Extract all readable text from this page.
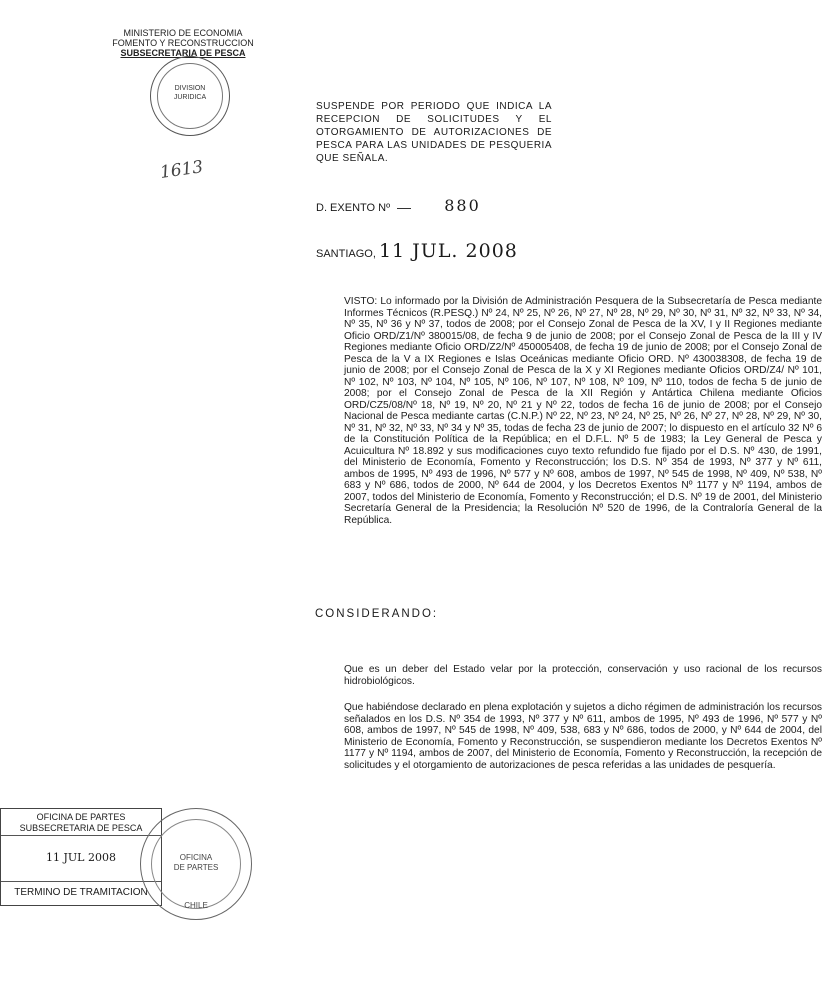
MINISTERIO DE ECONOMIA
FOMENTO Y RECONSTRUCCION
SUBSECRETARIA DE PESCA
DIVISION
JURIDICA
1613
SUSPENDE POR PERIODO QUE INDICA LA RECEPCION DE SOLICITUDES Y EL OTORGAMIENTO DE AUTORIZACIONES DE PESCA PARA LAS UNIDADES DE PESQUERIA QUE SEÑALA.
D. EXENTO Nº	880
SANTIAGO, 11 JUL. 2008
VISTO: Lo informado por la División de Administración Pesquera de la Subsecretaría de Pesca mediante Informes Técnicos (R.PESQ.) Nº 24, Nº 25, Nº 26, Nº 27, Nº 28, Nº 29, Nº 30, Nº 31, Nº 32, Nº 33, Nº 34, Nº 35, Nº 36 y Nº 37, todos de 2008; por el Consejo Zonal de Pesca de la XV, I y II Regiones mediante Oficio ORD/Z1/Nº 380015/08, de fecha 9 de junio de 2008; por el Consejo Zonal de Pesca de la III y IV Regiones mediante Oficio ORD/Z2/Nº 450005408, de fecha 19 de junio de 2008; por el Consejo Zonal de Pesca de la V a IX Regiones e Islas Oceánicas mediante Oficio ORD. Nº 430038308, de fecha 19 de junio de 2008; por el Consejo Zonal de Pesca de la X y XI Regiones mediante Oficios ORD/Z4/ Nº 101, Nº 102, Nº 103, Nº 104, Nº 105, Nº 106, Nº 107, Nº 108, Nº 109, Nº 110, todos de fecha 5 de junio de 2008; por el Consejo Zonal de Pesca de la XII Región y Antártica Chilena mediante Oficios ORD/CZ5/08/Nº 18, Nº 19, Nº 20, Nº 21 y Nº 22, todos de fecha 16 de junio de 2008; por el Consejo Nacional de Pesca mediante cartas (C.N.P.) Nº 22, Nº 23, Nº 24, Nº 25, Nº 26, Nº 27, Nº 28, Nº 29, Nº 30, Nº 31, Nº 32, Nº 33, Nº 34 y Nº 35, todas de fecha 23 de junio de 2007; lo dispuesto en el artículo 32 Nº 6 de la Constitución Política de la República; en el D.F.L. Nº 5 de 1983; la Ley General de Pesca y Acuicultura Nº 18.892 y sus modificaciones cuyo texto refundido fue fijado por el D.S. Nº 430, de 1991, del Ministerio de Economía, Fomento y Reconstrucción; los D.S. Nº 354 de 1993, Nº 377 y Nº 611, ambos de 1995, Nº 493 de 1996, Nº 577 y Nº 608, ambos de 1997, Nº 545 de 1998, Nº 409, Nº 538, Nº 683 y Nº 686, todos de 2000, Nº 644 de 2004, y los Decretos Exentos Nº 1177 y Nº 1194, ambos de 2007, todos del Ministerio de Economía, Fomento y Reconstrucción; el D.S. Nº 19 de 2001, del Ministerio Secretaría General de la Presidencia; la Resolución Nº 520 de 1996, de la Contraloría General de la República.
CONSIDERANDO:
Que es un deber del Estado velar por la protección, conservación y uso racional de los recursos hidrobiológicos.
Que habiéndose declarado en plena explotación y sujetos a dicho régimen de administración los recursos señalados en los D.S. Nº 354 de 1993, Nº 377 y Nº 611, ambos de 1995, Nº 493 de 1996, Nº 577 y Nº 608, ambos de 1997, Nº 545 de 1998, Nº 409, 538, 683 y Nº 686, todos de 2000, y Nº 644 de 2004, del Ministerio de Economía, Fomento y Reconstrucción, se suspendieron mediante los Decretos Exentos Nº 1177 y Nº 1194, ambos de 2007, del Ministerio de Economía, Fomento y Reconstrucción, la recepción de solicitudes y el otorgamiento de autorizaciones de pesca referidas a las unidades de pesquería.
OFICINA DE PARTES
SUBSECRETARIA DE PESCA
11 JUL 2008
TERMINO DE TRAMITACION
OFICINA
DE PARTES
CHILE
